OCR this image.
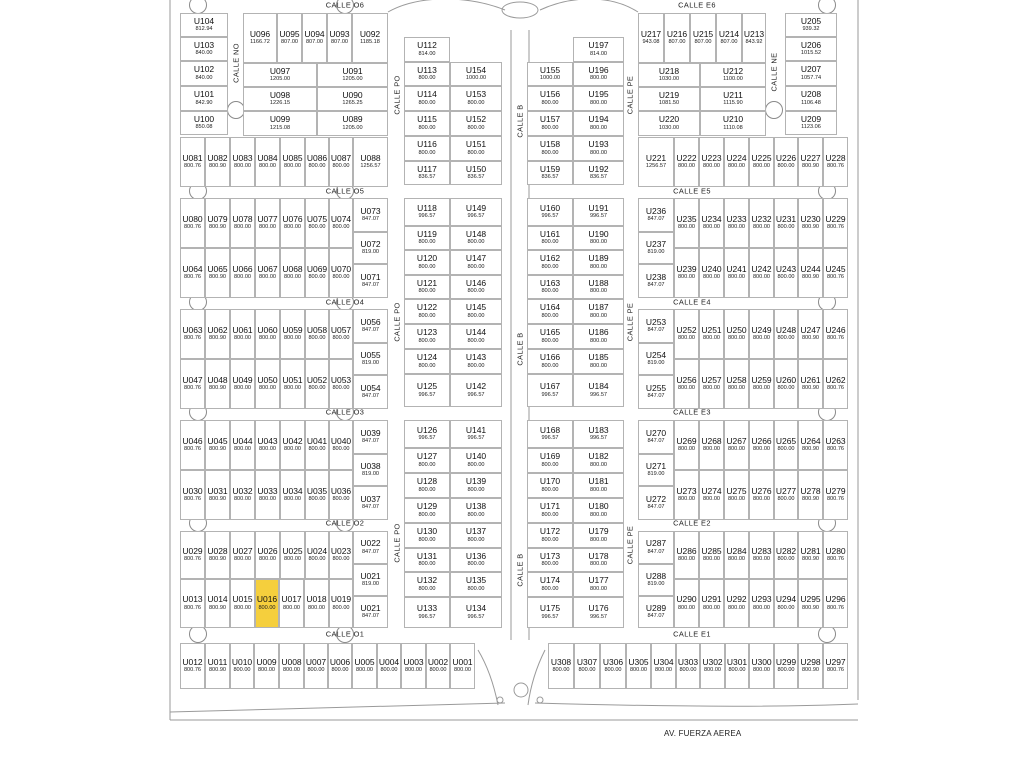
U104
812.94
U103
840.00
U102
840.00
U101
842.90
U100
850.08
U096
1166.72
U095
807.00
U094
807.00
U093
807.00
U092
1185.18
U097
1205.00
U091
1205.00
U098
1226.15
U090
1265.25
U099
1215.08
U089
1205.00
U081
800.76
U082
800.90
U083
800.00
U084
800.00
U085
800.00
U086
800.00
U087
800.00
U088
1256.57
U112
814.00
U113
800.00
U114
800.00
U115
800.00
U116
800.00
U117
836.57
U154
1000.00
U153
800.00
U152
800.00
U151
800.00
U150
836.57
U197
814.00
U155
1000.00
U196
800.00
U156
800.00
U195
800.00
U157
800.00
U194
800.00
U158
800.00
U193
800.00
U159
836.57
U192
836.57
U217
943.08
U216
807.00
U215
807.00
U214
807.00
U213
843.92
U218
1030.00
U212
1100.00
U219
1081.50
U211
1115.90
U220
1030.00
U210
1110.08
U205
939.32
U206
1015.52
U207
1057.74
U208
1106.48
U209
1123.06
U221
1256.57
U222
800.00
U223
800.00
U224
800.00
U225
800.00
U226
800.00
U227
800.90
U228
800.76
U080
800.76
U079
800.90
U078
800.00
U077
800.00
U076
800.00
U075
800.00
U074
800.00
U064
800.76
U065
800.90
U066
800.00
U067
800.00
U068
800.00
U069
800.00
U070
800.00
U073
847.07
U072
819.00
U071
847.07
U063
800.76
U062
800.90
U061
800.00
U060
800.00
U059
800.00
U058
800.00
U057
800.00
U047
800.76
U048
800.90
U049
800.00
U050
800.00
U051
800.00
U052
800.00
U053
800.00
U056
847.07
U055
819.00
U054
847.07
U118
996.57
U149
996.57
U119
800.00
U148
800.00
U120
800.00
U147
800.00
U121
800.00
U146
800.00
U122
800.00
U145
800.00
U123
800.00
U144
800.00
U124
800.00
U143
800.00
U125
996.57
U142
996.57
U160
996.57
U191
996.57
U161
800.00
U190
800.00
U162
800.00
U189
800.00
U163
800.00
U188
800.00
U164
800.00
U187
800.00
U165
800.00
U186
800.00
U166
800.00
U185
800.00
U167
996.57
U184
996.57
U236
847.07
U237
819.00
U238
847.07
U235
800.00
U234
800.00
U233
800.00
U232
800.00
U231
800.00
U230
800.90
U229
800.76
U239
800.00
U240
800.00
U241
800.00
U242
800.00
U243
800.00
U244
800.90
U245
800.76
U253
847.07
U254
819.00
U255
847.07
U252
800.00
U251
800.00
U250
800.00
U249
800.00
U248
800.00
U247
800.90
U246
800.76
U256
800.00
U257
800.00
U258
800.00
U259
800.00
U260
800.00
U261
800.90
U262
800.76
U046
800.76
U045
800.90
U044
800.00
U043
800.00
U042
800.00
U041
800.00
U040
800.00
U030
800.76
U031
800.90
U032
800.00
U033
800.00
U034
800.00
U035
800.00
U036
800.00
U039
847.07
U038
819.00
U037
847.07
U126
996.57
U141
996.57
U127
800.00
U140
800.00
U128
800.00
U139
800.00
U129
800.00
U138
800.00
U168
996.57
U183
996.57
U169
800.00
U182
800.00
U170
800.00
U181
800.00
U171
800.00
U180
800.00
U270
847.07
U271
819.00
U272
847.07
U269
800.00
U268
800.00
U267
800.00
U266
800.00
U265
800.00
U264
800.90
U263
800.76
U273
800.00
U274
800.00
U275
800.00
U276
800.00
U277
800.00
U278
800.90
U279
800.76
U029
800.76
U028
800.90
U027
800.00
U026
800.00
U025
800.00
U024
800.00
U023
800.00
U013
800.76
U014
800.90
U015
800.00
U016
800.00
U017
800.00
U018
800.00
U019
800.00
U022
847.07
U021
819.00
U021
847.07
U130
800.00
U137
800.00
U131
800.00
U136
800.00
U132
800.00
U135
800.00
U133
996.57
U134
996.57
U172
800.00
U179
800.00
U173
800.00
U178
800.00
U174
800.00
U177
800.00
U175
996.57
U176
996.57
U287
847.07
U288
819.00
U289
847.07
U286
800.00
U285
800.00
U284
800.00
U283
800.00
U282
800.00
U281
800.90
U280
800.76
U290
800.00
U291
800.00
U292
800.00
U293
800.00
U294
800.00
U295
800.90
U296
800.76
U012
800.76
U011
800.90
U010
800.00
U009
800.00
U008
800.00
U007
800.00
U006
800.00
U005
800.00
U004
800.00
U003
800.00
U002
800.00
U001
800.00
U308
800.00
U307
800.00
U306
800.00
U305
800.00
U304
800.00
U303
800.00
U302
800.00
U301
800.00
U300
800.00
U299
800.00
U298
800.90
U297
800.76
CALLE O6	CALLE E6
CALLE O5	CALLE E5
CALLE O4	CALLE E4
CALLE O3	CALLE E3
CALLE O2	CALLE E2
CALLE O1	CALLE E1
CALLE NO	CALLE NE
CALLE PO
CALLE B
CALLE PE
CALLE PO
CALLE B
CALLE PE
CALLE PO
CALLE B
CALLE PE
AV. FUERZA AEREA
